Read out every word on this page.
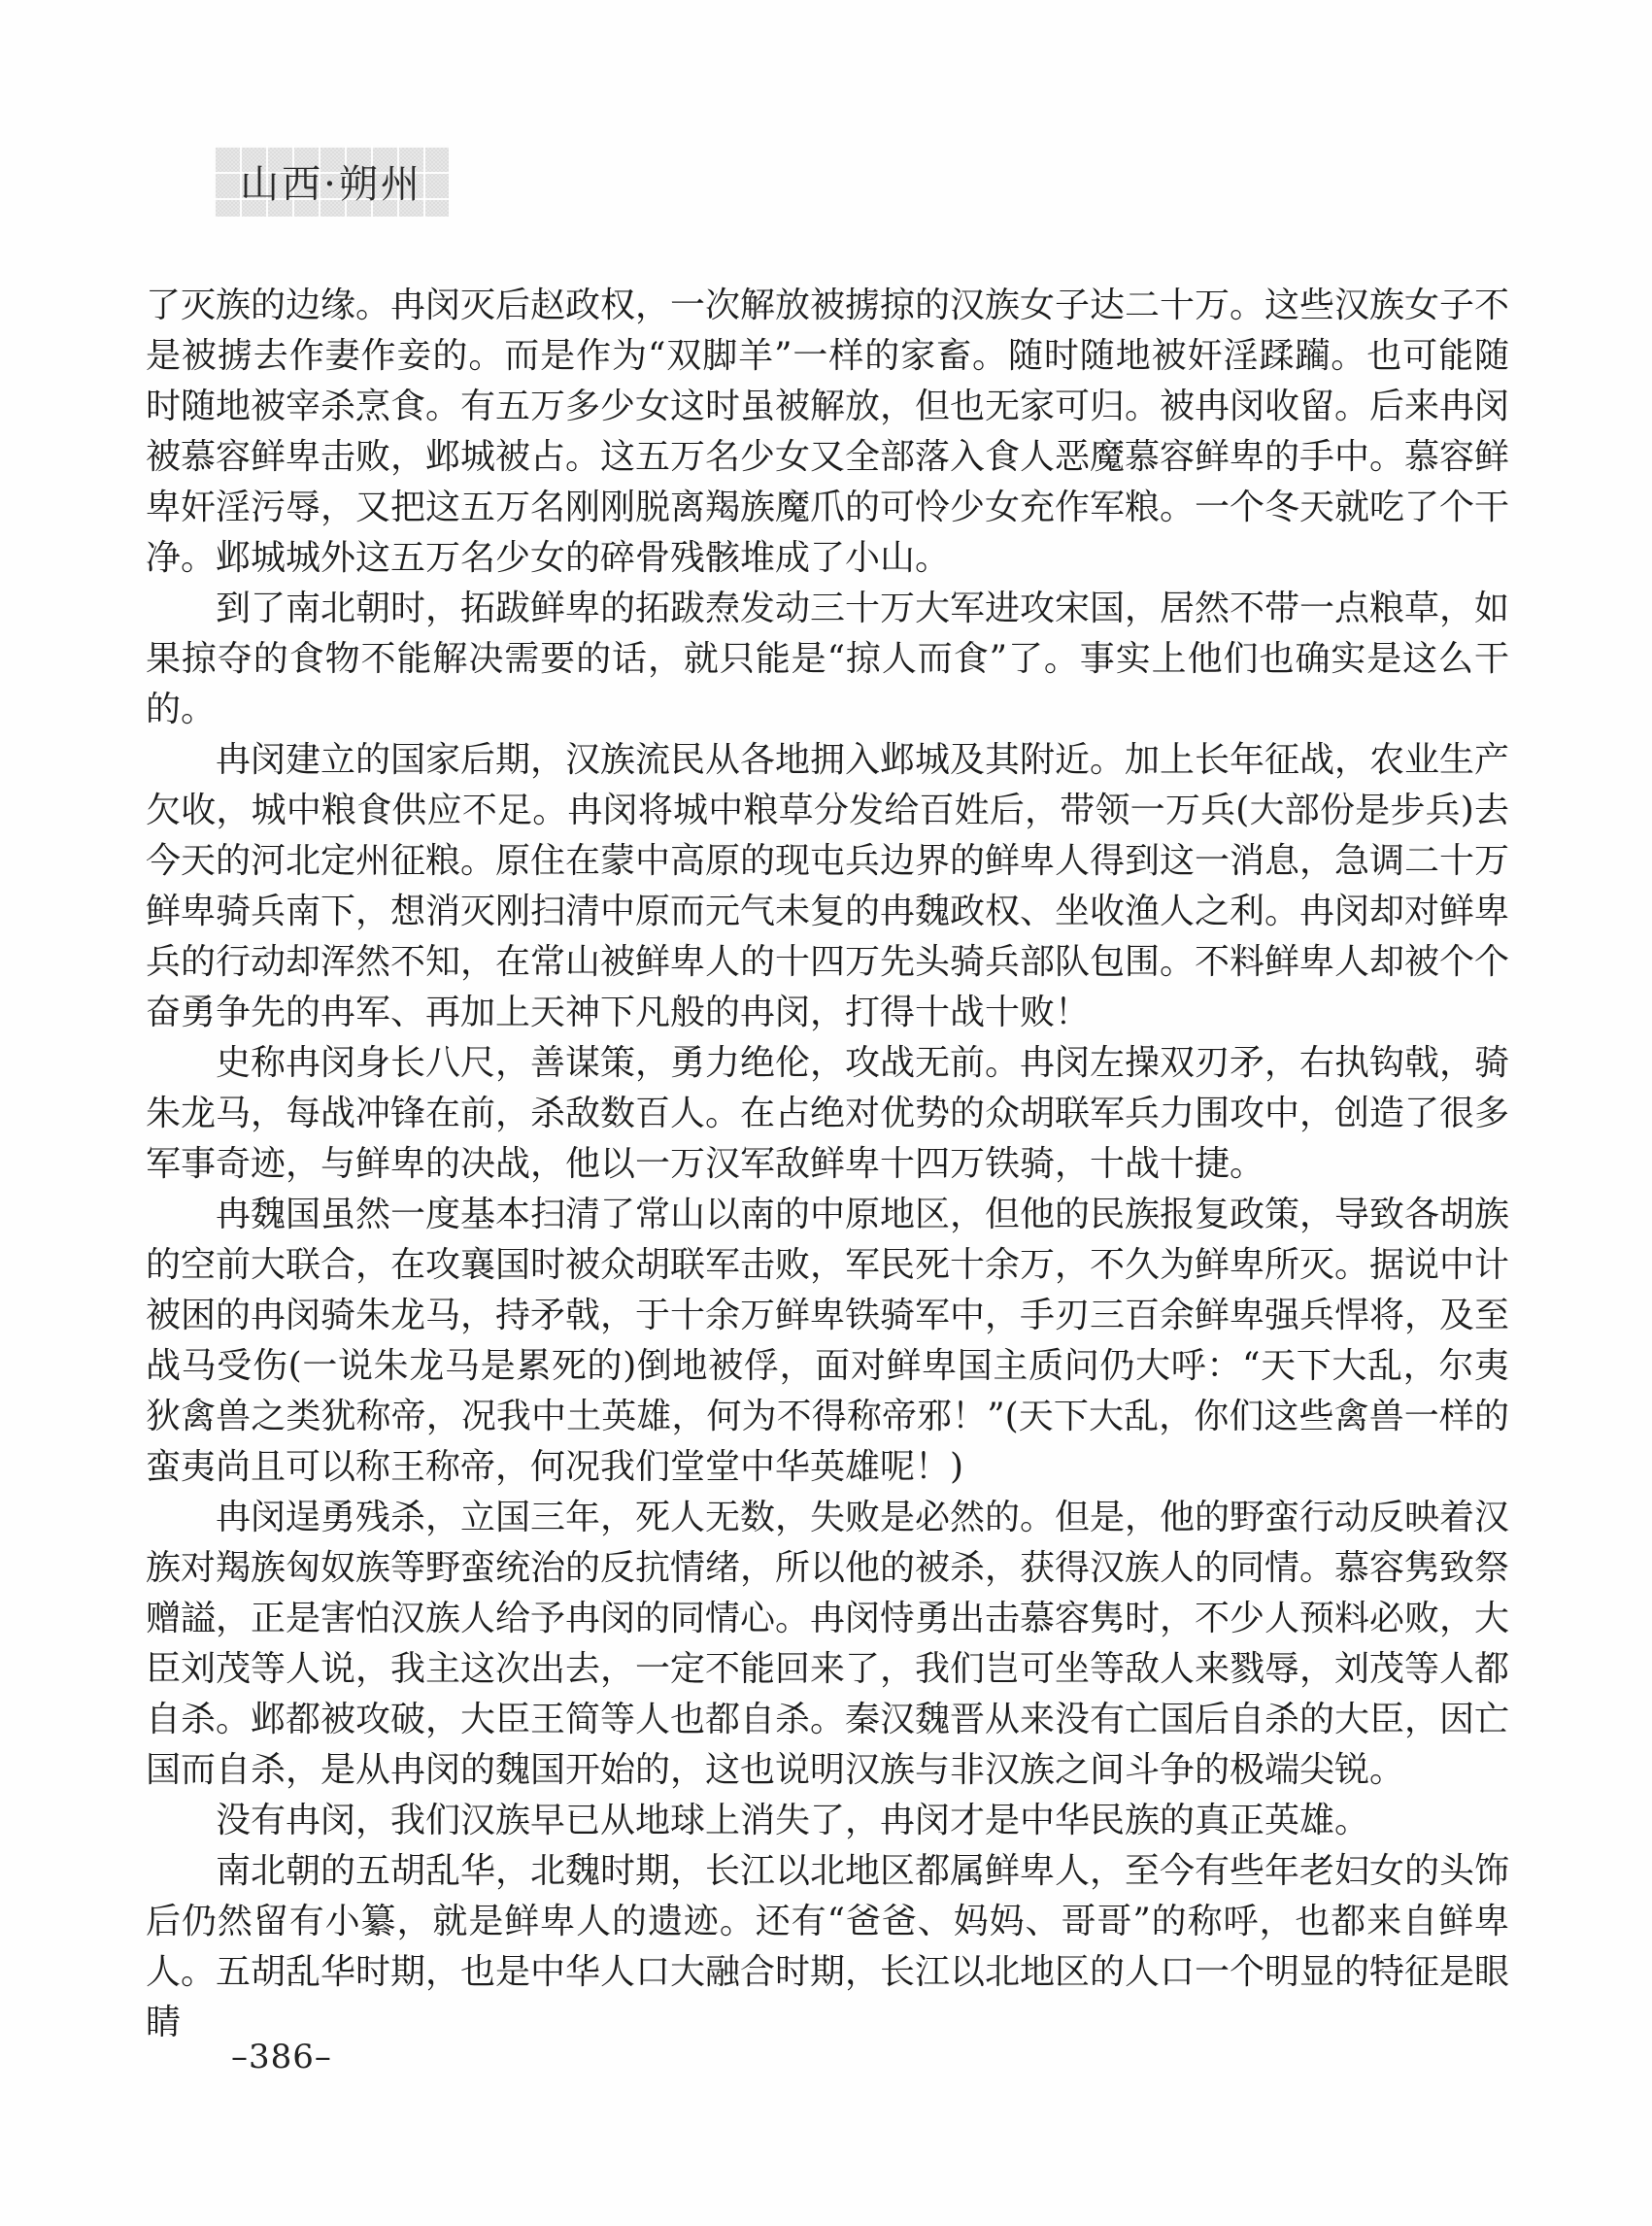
山西·朔州

了灭族的边缘。冉闵灭后赵政权，一次解放被掳掠的汉族女子达二十万。这些汉族女子不是被掳去作妻作妾的。而是作为“双脚羊”一样的家畜。随时随地被奸淫蹂躏。也可能随时随地被宰杀烹食。有五万多少女这时虽被解放，但也无家可归。被冉闵收留。后来冉闵被慕容鲜卑击败，邺城被占。这五万名少女又全部落入食人恶魔慕容鲜卑的手中。慕容鲜卑奸淫污辱，又把这五万名刚刚脱离羯族魔爪的可怜少女充作军粮。一个冬天就吃了个干净。邺城城外这五万名少女的碎骨残骸堆成了小山。

到了南北朝时，拓跋鲜卑的拓跋焘发动三十万大军进攻宋国，居然不带一点粮草，如果掠夺的食物不能解决需要的话，就只能是“掠人而食”了。事实上他们也确实是这么干的。

冉闵建立的国家后期，汉族流民从各地拥入邺城及其附近。加上长年征战，农业生产欠收，城中粮食供应不足。冉闵将城中粮草分发给百姓后，带领一万兵(大部份是步兵)去今天的河北定州征粮。原住在蒙中高原的现屯兵边界的鲜卑人得到这一消息，急调二十万鲜卑骑兵南下，想消灭刚扫清中原而元气未复的冉魏政权、坐收渔人之利。冉闵却对鲜卑兵的行动却浑然不知，在常山被鲜卑人的十四万先头骑兵部队包围。不料鲜卑人却被个个奋勇争先的冉军、再加上天神下凡般的冉闵，打得十战十败！

史称冉闵身长八尺，善谋策，勇力绝伦，攻战无前。冉闵左操双刃矛，右执钩戟，骑朱龙马，每战冲锋在前，杀敌数百人。在占绝对优势的众胡联军兵力围攻中，创造了很多军事奇迹，与鲜卑的决战，他以一万汉军敌鲜卑十四万铁骑，十战十捷。

冉魏国虽然一度基本扫清了常山以南的中原地区，但他的民族报复政策，导致各胡族的空前大联合，在攻襄国时被众胡联军击败，军民死十余万，不久为鲜卑所灭。据说中计被困的冉闵骑朱龙马，持矛戟，于十余万鲜卑铁骑军中，手刃三百余鲜卑强兵悍将，及至战马受伤(一说朱龙马是累死的)倒地被俘，面对鲜卑国主质问仍大呼：“天下大乱，尔夷狄禽兽之类犹称帝，况我中土英雄，何为不得称帝邪！”(天下大乱，你们这些禽兽一样的蛮夷尚且可以称王称帝，何况我们堂堂中华英雄呢！)

冉闵逞勇残杀，立国三年，死人无数，失败是必然的。但是，他的野蛮行动反映着汉族对羯族匈奴族等野蛮统治的反抗情绪，所以他的被杀，获得汉族人的同情。慕容隽致祭赠謚，正是害怕汉族人给予冉闵的同情心。冉闵恃勇出击慕容隽时，不少人预料必败，大臣刘茂等人说，我主这次出去，一定不能回来了，我们岂可坐等敌人来戮辱，刘茂等人都自杀。邺都被攻破，大臣王简等人也都自杀。秦汉魏晋从来没有亡国后自杀的大臣，因亡国而自杀，是从冉闵的魏国开始的，这也说明汉族与非汉族之间斗争的极端尖锐。

没有冉闵，我们汉族早已从地球上消失了，冉闵才是中华民族的真正英雄。

南北朝的五胡乱华，北魏时期，长江以北地区都属鲜卑人，至今有些年老妇女的头饰后仍然留有小纂，就是鲜卑人的遗迹。还有“爸爸、妈妈、哥哥”的称呼，也都来自鲜卑人。五胡乱华时期，也是中华人口大融合时期，长江以北地区的人口一个明显的特征是眼睛

–386–
